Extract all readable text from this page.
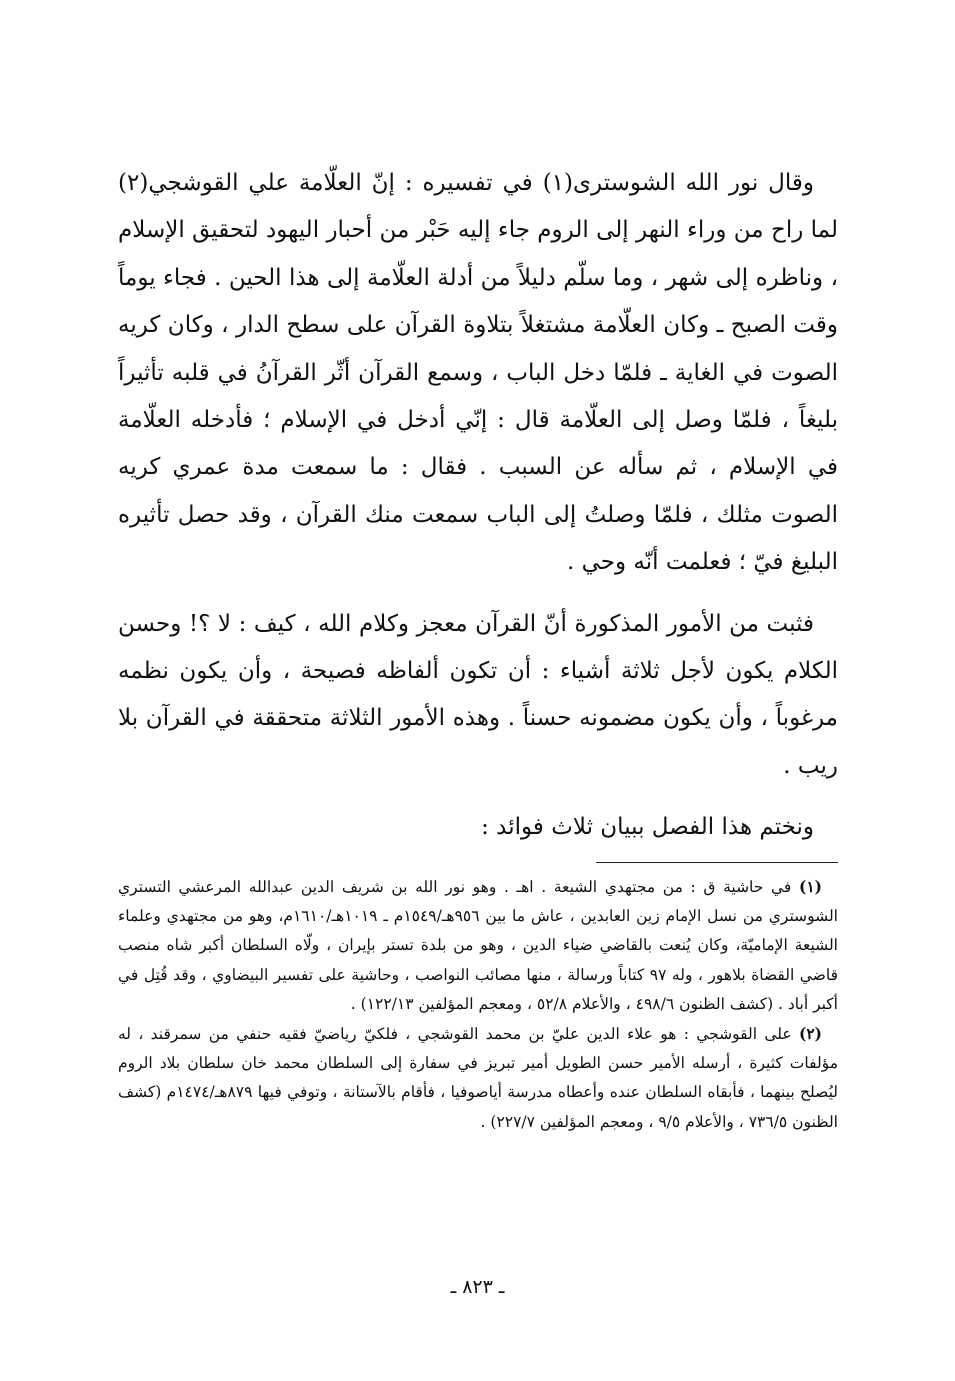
وقال نور الله الشوسترى(١) في تفسيره : إنّ العلّامة علي القوشجي(٢) لما راح من وراء النهر إلى الروم جاء إليه حَبْر من أحبار اليهود لتحقيق الإسلام ، وناظره إلى شهر ، وما سلّم دليلاً من أدلة العلّامة إلى هذا الحين . فجاء يوماً وقت الصبح ـ وكان العلّامة مشتغلاً بتلاوة القرآن على سطح الدار ، وكان كريه الصوت في الغاية ـ فلمّا دخل الباب ، وسمع القرآن أثّر القرآنُ في قلبه تأثيراً بليغاً ، فلمّا وصل إلى العلّامة قال : إنّي أدخل في الإسلام ؛ فأدخله العلّامة في الإسلام ، ثم سأله عن السبب . فقال : ما سمعت مدة عمري كريه الصوت مثلك ، فلمّا وصلتُ إلى الباب سمعت منك القرآن ، وقد حصل تأثيره البليغ فيّ ؛ فعلمت أنّه وحي .

فثبت من الأمور المذكورة أنّ القرآن معجز وكلام الله ، كيف : لا ؟! وحسن الكلام يكون لأجل ثلاثة أشياء : أن تكون ألفاظه فصيحة ، وأن يكون نظمه مرغوباً ، وأن يكون مضمونه حسناً . وهذه الأمور الثلاثة متحققة في القرآن بلا ريب .

ونختم هذا الفصل ببيان ثلاث فوائد :

(١) في حاشية ق : من مجتهدي الشيعة . اهـ . وهو نور الله بن شريف الدين عبدالله المرعشي التستري الشوستري من نسل الإمام زين العابدين ، عاش ما بين ٩٥٦هـ/١٥٤٩م ـ ١٠١٩هـ/١٦١٠م، وهو من مجتهدي وعلماء الشيعة الإماميّة، وكان يُنعت بالقاضي ضياء الدين ، وهو من بلدة تستر بإيران ، ولّاه السلطان أكبر شاه منصب قاضي القضاة بلاهور ، وله ٩٧ كتاباً ورسالة ، منها مصائب النواصب ، وحاشية على تفسير البيضاوي ، وقد قُتِل في أكبر أباد . (كشف الظنون ٤٩٨/٦ ، والأعلام ٥٢/٨ ، ومعجم المؤلفين ١٢٢/١٣) .

(٢) على القوشجي : هو علاء الدين عليّ بن محمد القوشجي ، فلكيّ رياضيّ فقيه حنفي من سمرقند ، له مؤلفات كثيرة ، أرسله الأمير حسن الطويل أمير تبريز في سفارة إلى السلطان محمد خان سلطان بلاد الروم ليُصلح بينهما ، فأبقاه السلطان عنده وأعطاه مدرسة أياصوفيا ، فأقام بالآستانة ، وتوفي فيها ٨٧٩هـ/١٤٧٤م (كشف الظنون ٧٣٦/٥ ، والأعلام ٩/٥ ، ومعجم المؤلفين ٢٢٧/٧) .

ـ ٨٢٣ ـ
